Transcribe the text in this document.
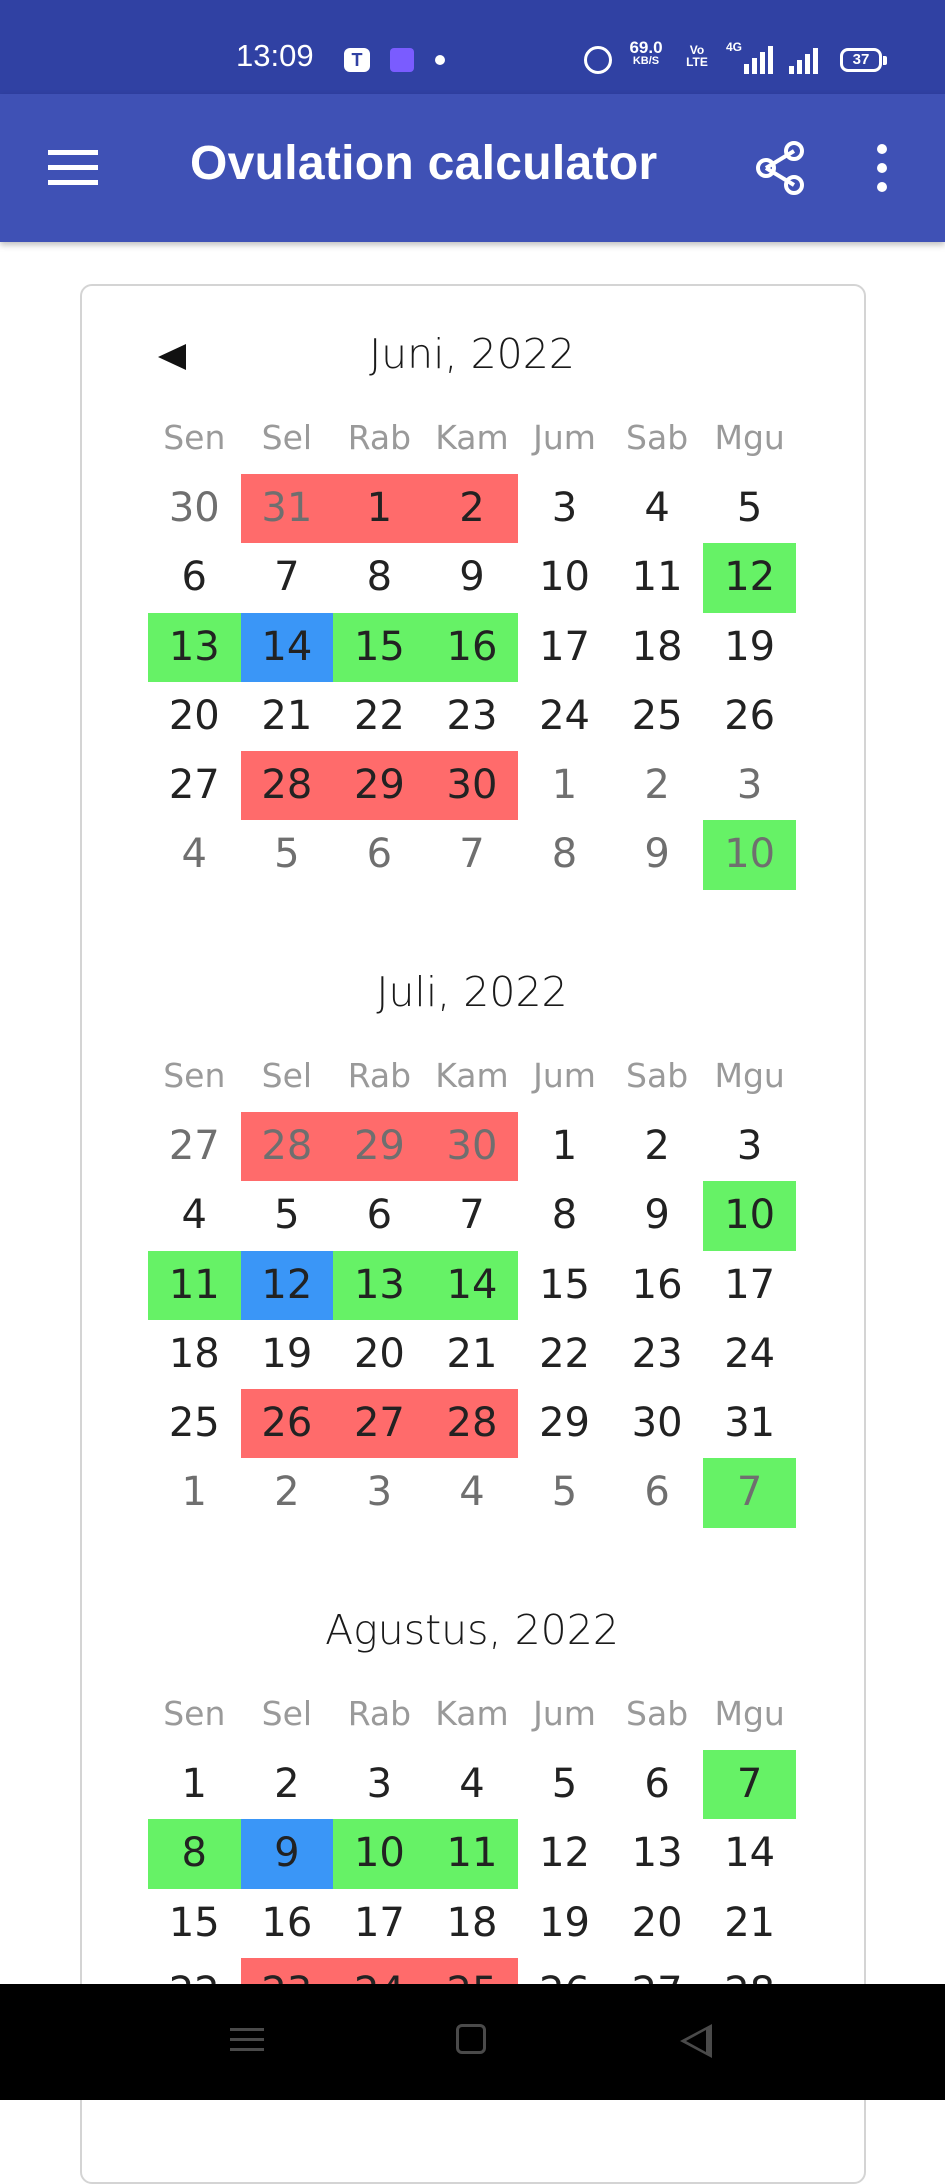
13:09	T
69.0
KB/S
Vo
LTE
4G
37
Ovulation calculator
Juni, 2022
Sen	Sel	Rab Kam Jum Sab Mgu
30	31	1	2	3	4	5
6	7	8	9	10	11	12
13	14	15	16	17	18	19
20	21	22	23	24	25	26
27	28	29	30	1	2	3
4	5	6	7	8	9	10
Juli, 2022
Sen	Sel	Rab Kam Jum Sab Mgu
27	28	29	30	1	2	3
4	5	6	7	8	9	10
11	12	13	14	15	16	17
18	19	20	21	22	23	24
25	26	27	28	29	30	31
1	2	3	4	5	6	7
Agustus, 2022
Sen	Sel	Rab Kam Jum Sab Mgu
1	2	3	4	5	6	7
8	9	10	11	12	13	14
15	16	17	18	19	20	21
